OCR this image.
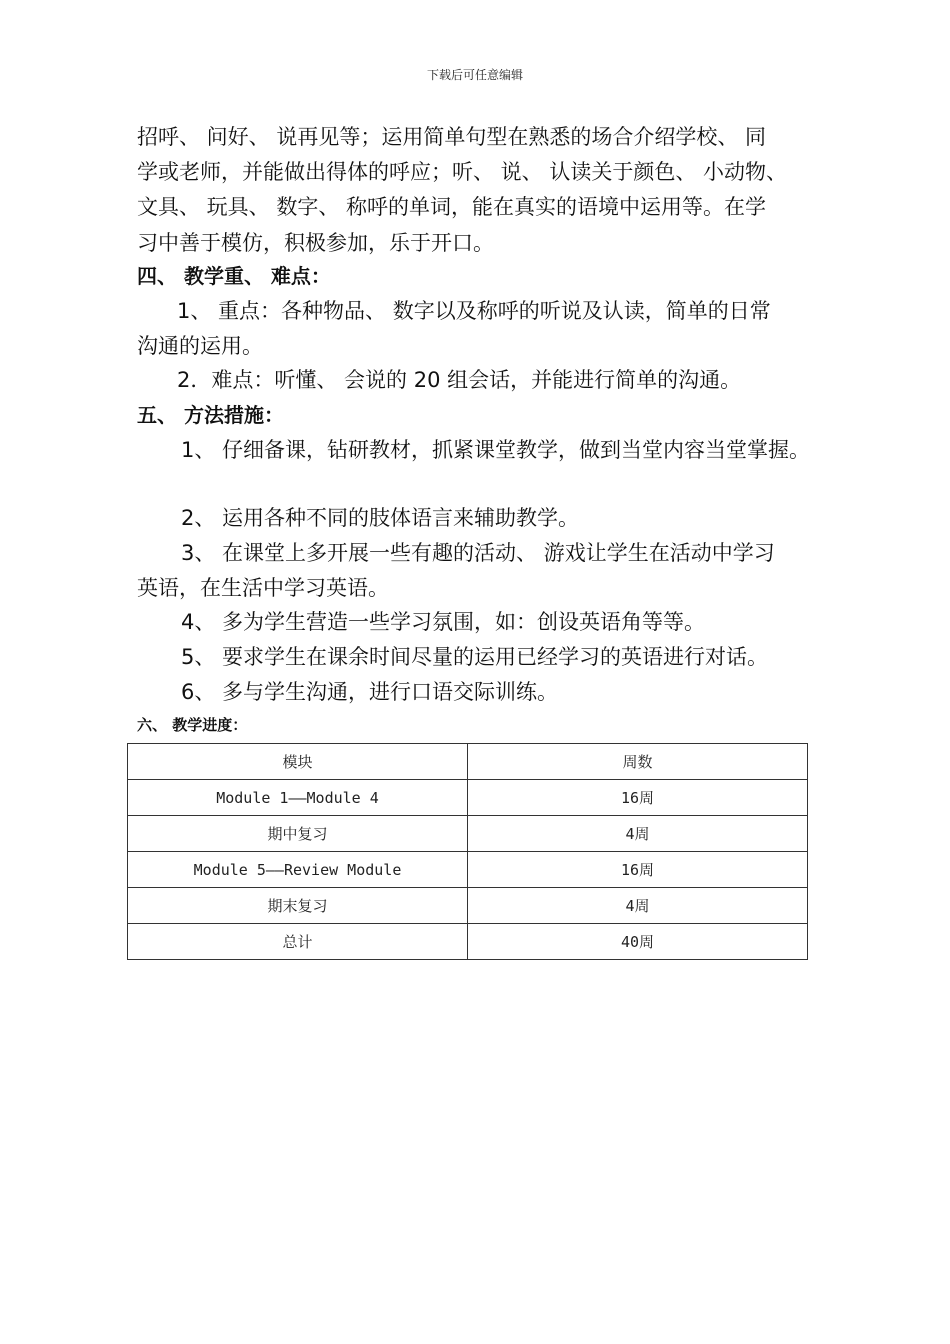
下载后可任意编辑
招呼、 问好、 说再见等；运用简单句型在熟悉的场合介绍学校、 同
学或老师，并能做出得体的呼应；听、 说、 认读关于颜色、 小动物、
文具、 玩具、 数字、 称呼的单词，能在真实的语境中运用等。在学
习中善于模仿，积极参加，乐于开口。
四、 教学重、 难点：
1、 重点：各种物品、 数字以及称呼的听说及认读，简单的日常
沟通的运用。
2．难点：听懂、 会说的 20 组会话，并能进行简单的沟通。
五、 方法措施：
1、 仔细备课，钻研教材，抓紧课堂教学，做到当堂内容当堂掌握。
2、 运用各种不同的肢体语言来辅助教学。
3、 在课堂上多开展一些有趣的活动、 游戏让学生在活动中学习
英语，在生活中学习英语。
4、 多为学生营造一些学习氛围，如：创设英语角等等。
5、 要求学生在课余时间尽量的运用已经学习的英语进行对话。
6、 多与学生沟通，进行口语交际训练。
六、 教学进度：
模块	周数
Module 1——Module 4	16周
期中复习	4周
Module 5——Review Module	16周
期末复习	4周
总计	40周
